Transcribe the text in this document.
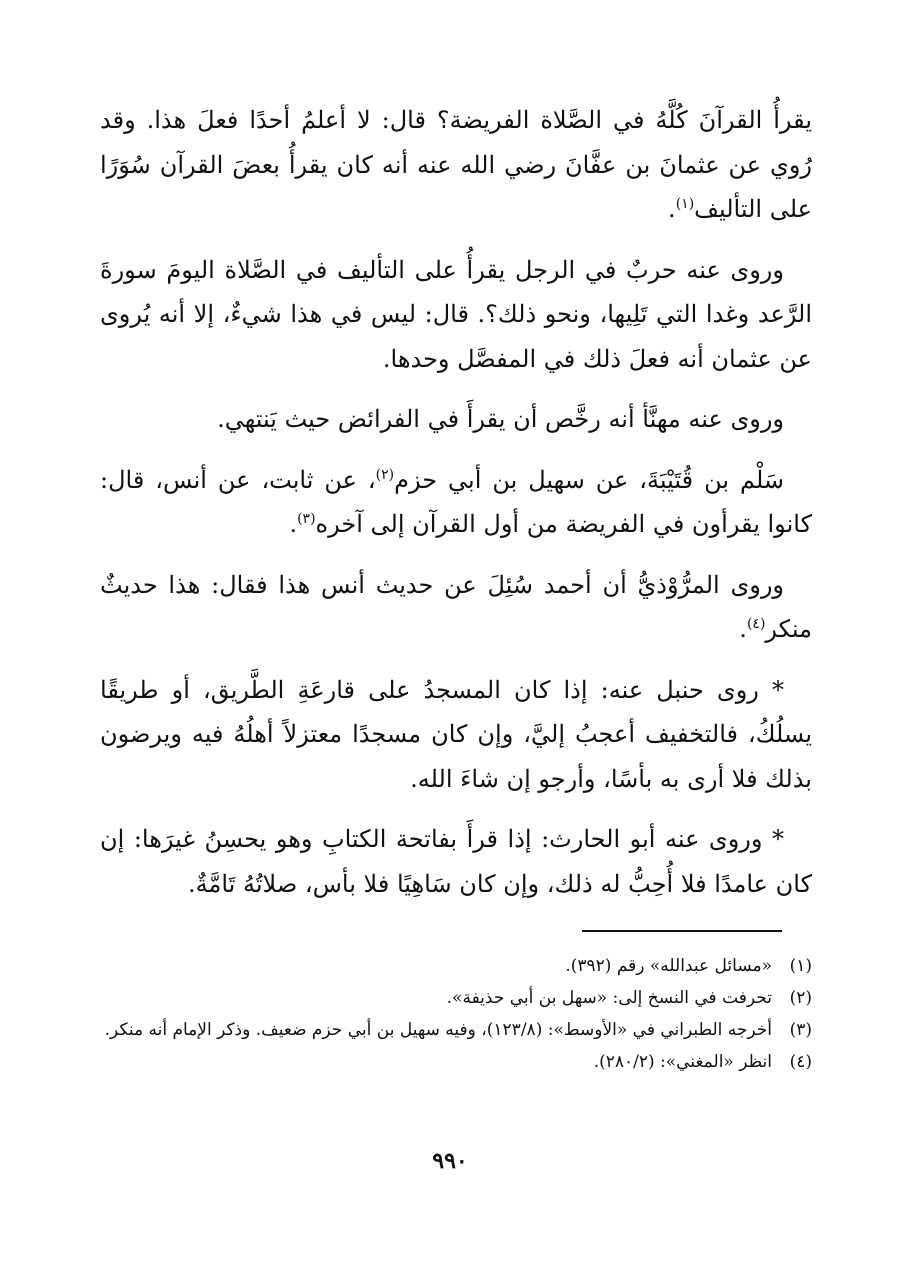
يقرأُ القرآنَ كُلَّهُ في الصَّلاة الفريضة؟ قال: لا أعلمُ أحدًا فعلَ هذا. وقد رُوي عن عثمانَ بن عفَّانَ رضي الله عنه أنه كان يقرأُ بعضَ القرآن سُوَرًا على التأليف$^{(١)}$.

وروى عنه حربٌ في الرجل يقرأُ على التأليف في الصَّلاة اليومَ سورةَ الرَّعد وغدا التي تَلِيها، ونحو ذلك؟. قال: ليس في هذا شيءٌ، إلا أنه يُروى عن عثمان أنه فعلَ ذلك في المفصَّل وحدها.

وروى عنه مهنَّأ أنه رخَّص أن يقرأَ في الفرائض حيث يَنتهي.

سَلْم بن قُتَيْبَةَ، عن سهيل بن أبي حزم$^{(٢)}$، عن ثابت، عن أنس، قال: كانوا يقرأون في الفريضة من أول القرآن إلى آخره$^{(٣)}$.

وروى المرُّوْذيُّ أن أحمد سُئِلَ عن حديث أنس هذا فقال: هذا حديثٌ منكر$^{(٤)}$.

* روى حنبل عنه: إذا كان المسجدُ على قارعَةِ الطَّريق، أو طريقًا يسلُكُ، فالتخفيف أعجبُ إليَّ، وإن كان مسجدًا معتزلاً أهلُهُ فيه ويرضون بذلك فلا أرى به بأسًا، وأرجو إن شاءَ الله.

* وروى عنه أبو الحارث: إذا قرأَ بفاتحة الكتابِ وهو يحسِنُ غيرَها: إن كان عامدًا فلا أُحِبُّ له ذلك، وإن كان سَاهِيًا فلا بأس، صلاتُهُ تَامَّةٌ.

(١)
«مسائل عبدالله» رقم (٣٩٢).
(٢)
تحرفت في النسخ إلى: «سهل بن أبي حذيفة».
(٣)
أخرجه الطبراني في «الأوسط»: (١٢٣/٨)، وفيه سهيل بن أبي حزم ضعيف. وذكر الإمام أنه منكر.
(٤)
انظر «المغني»: (٢٨٠/٢).
٩٩٠
